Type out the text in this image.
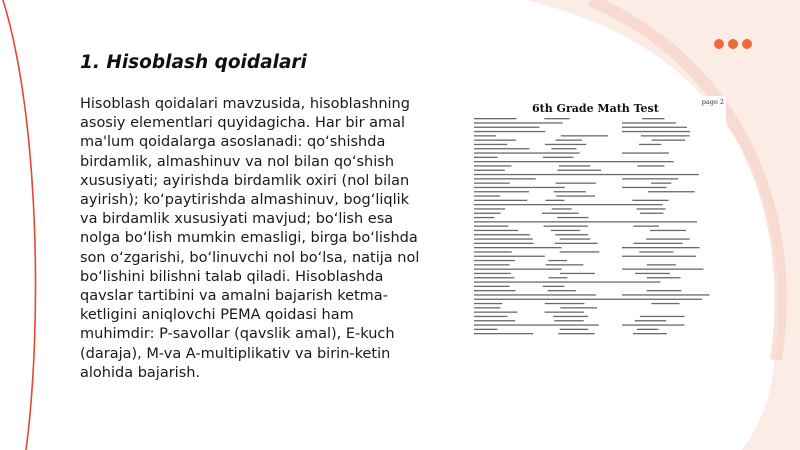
1. Hisoblash qoidalari

Hisoblash qoidalari mavzusida, hisoblashning asosiy elementlari quyidagicha. Har bir amal ma'lum qoidalarga asoslanadi: qo‘shishda birdamlik, almashinuv va nol bilan qo‘shish xususiyati; ayirishda birdamlik oxiri (nol bilan ayirish); ko‘paytirishda almashinuv, bog‘liqlik va birdamlik xususiyati mavjud; bo‘lish esa nolga bo‘lish mumkin emasligi, birga bo‘lishda son o‘zgarishi, bo‘linuvchi nol bo‘lsa, natija nol bo‘lishini bilishni talab qiladi. Hisoblashda qavslar tartibini va amalni bajarish ketma-ketligini aniqlovchi PEMA qoidasi ham muhimdir: P-savollar (qavslik amal), E-kuch (daraja), M-va A-multiplikativ va birin-ketin alohida bajarish.

page 2
6th Grade Math Test
